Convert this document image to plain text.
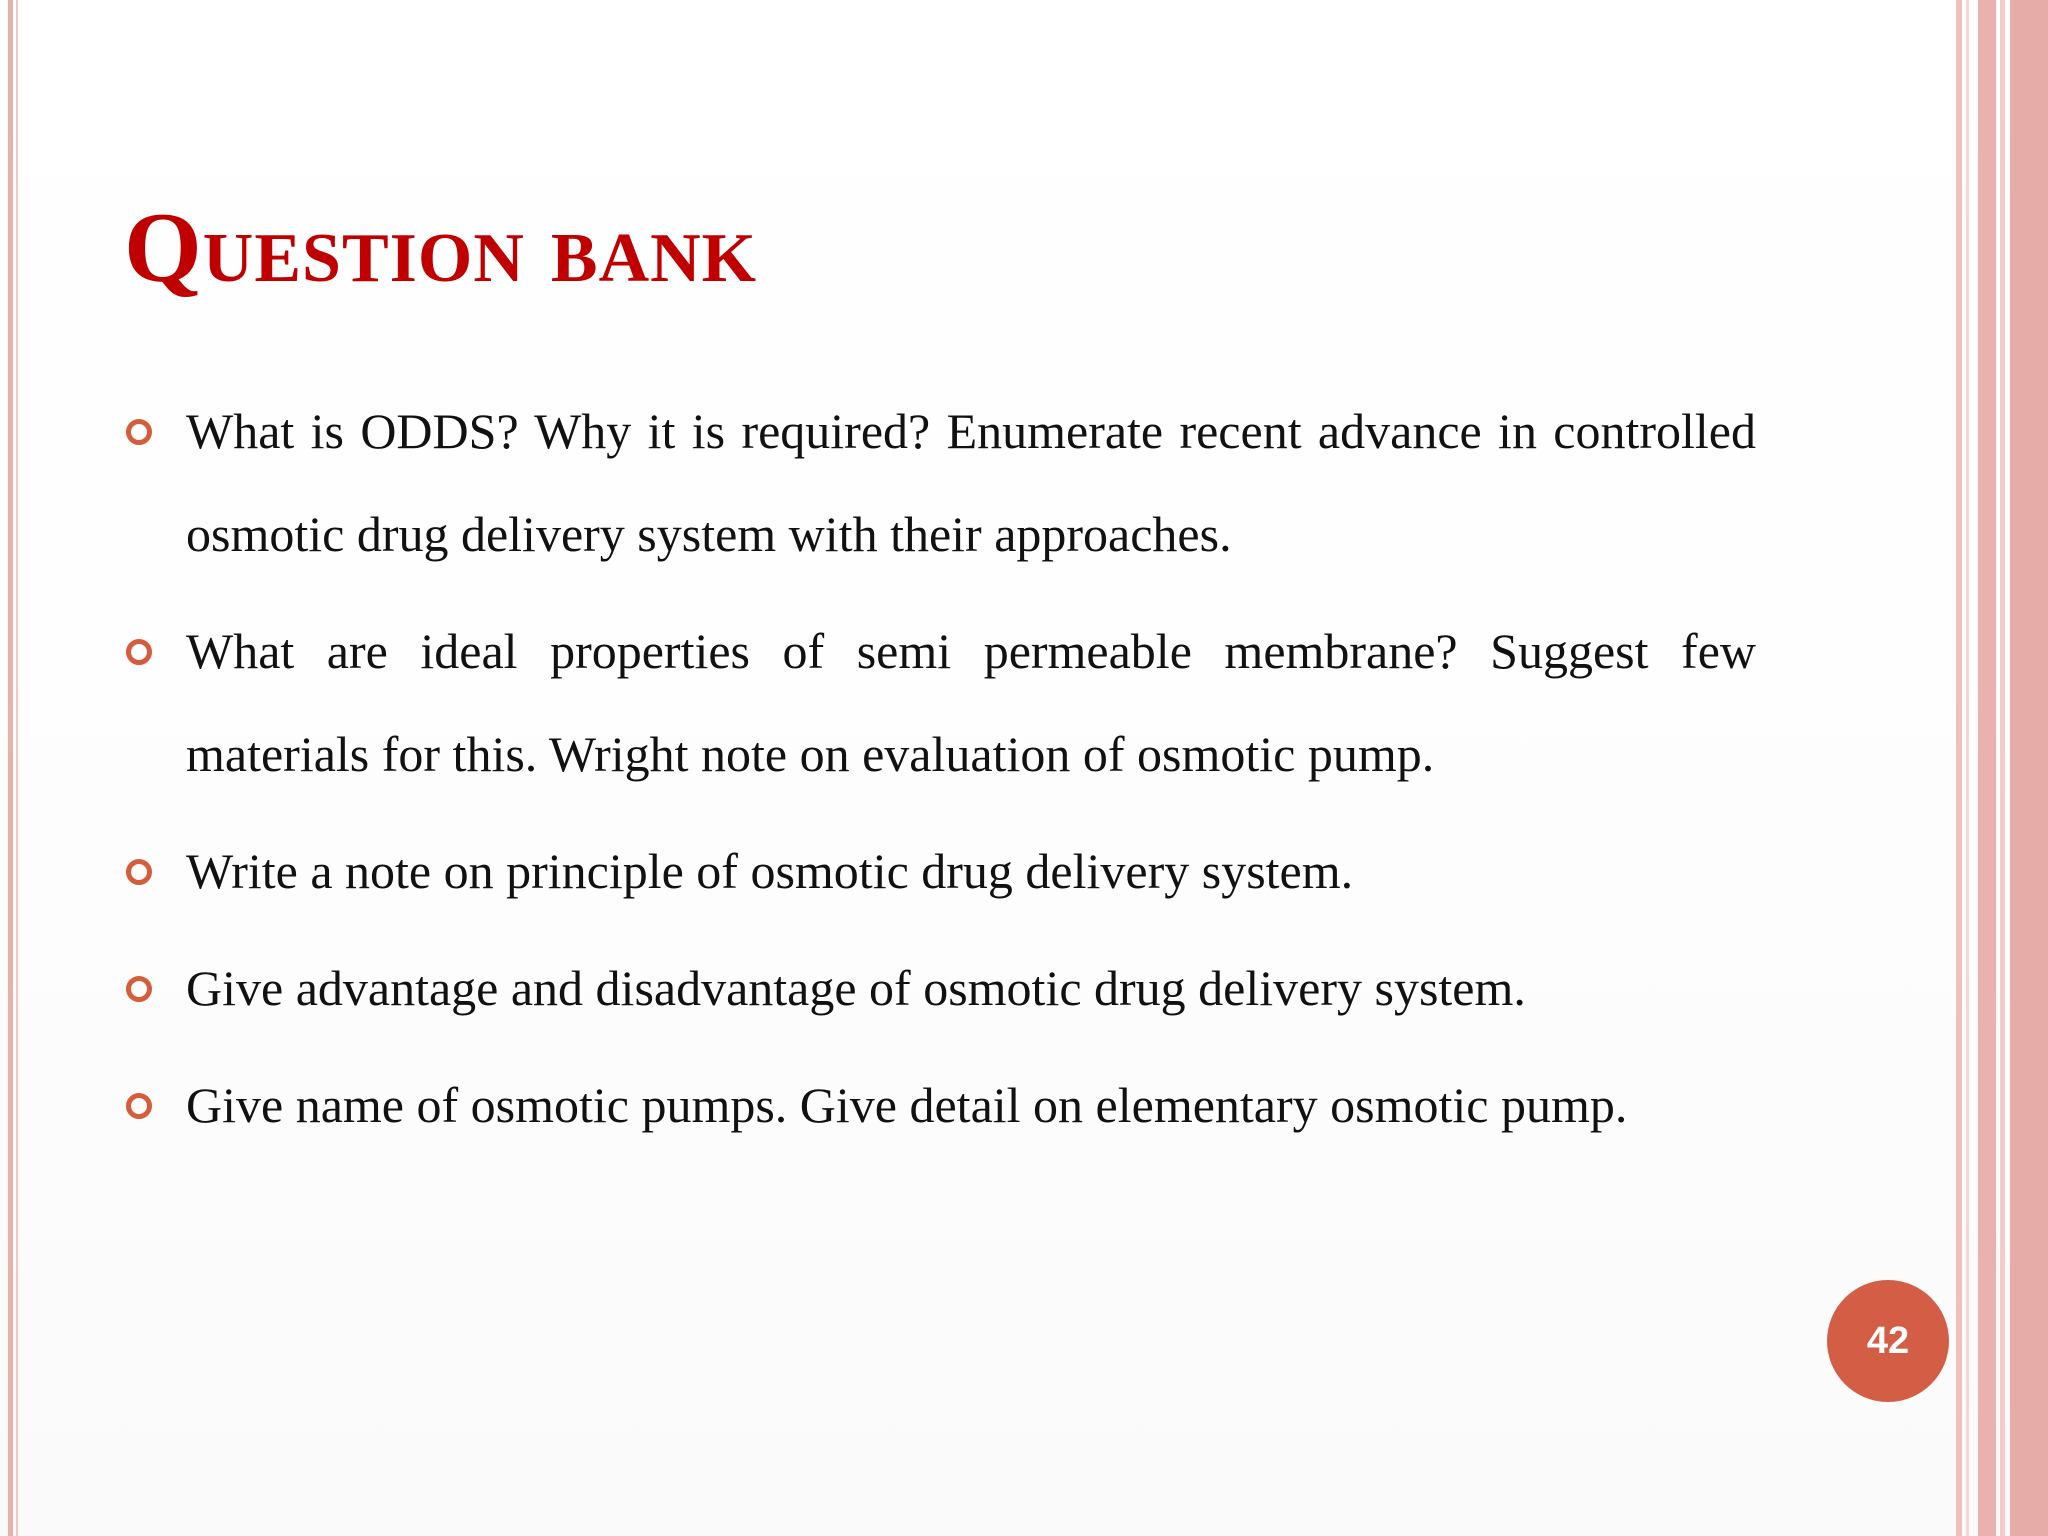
Question bank
What is ODDS? Why it is required? Enumerate recent advance in controlled osmotic drug delivery system with their approaches.
What are ideal properties of semi permeable membrane? Suggest few materials for this. Wright note on evaluation of osmotic pump.
Write a note on principle of osmotic drug delivery system.
Give advantage and disadvantage of osmotic drug delivery system.
Give name of osmotic pumps. Give detail on elementary osmotic pump.
42
